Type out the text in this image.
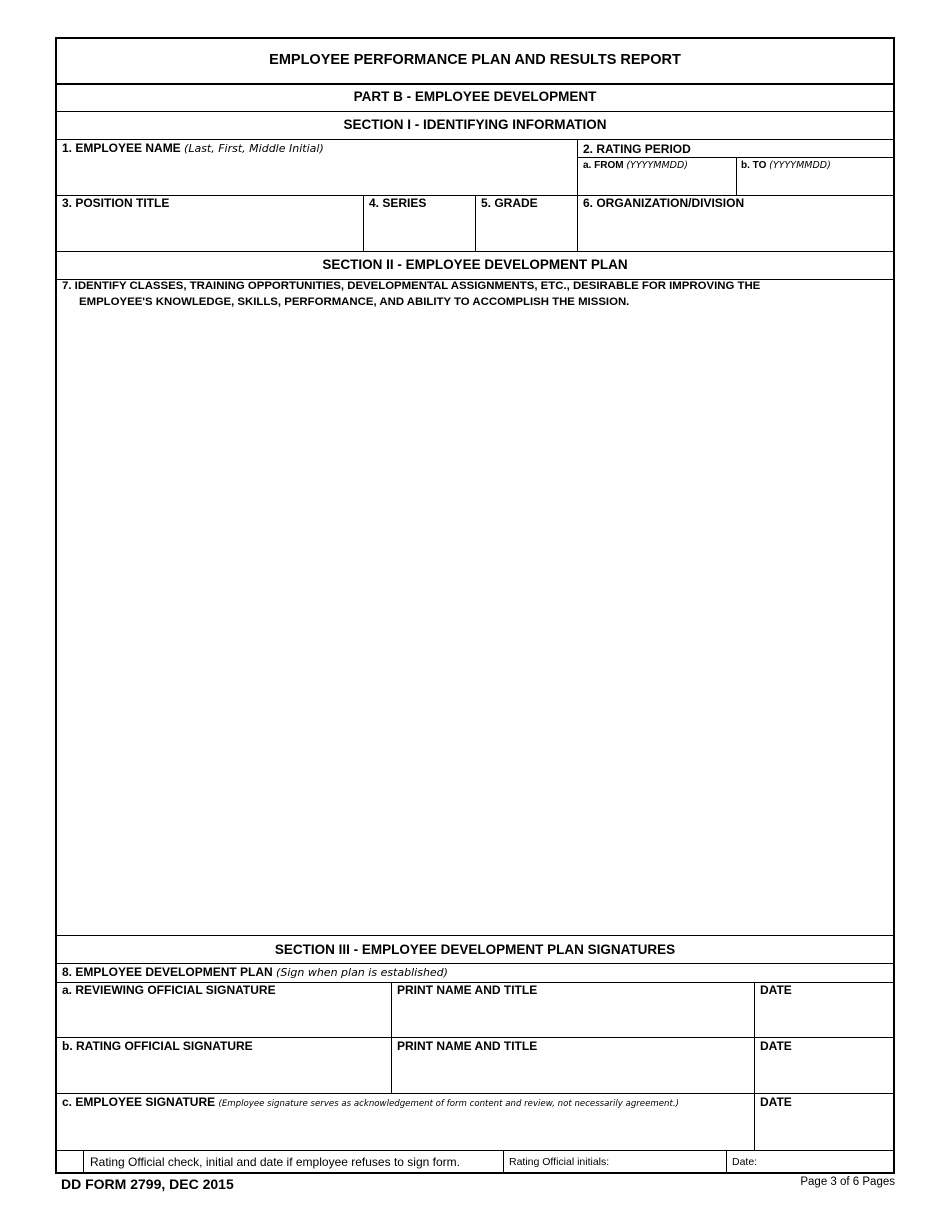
EMPLOYEE PERFORMANCE PLAN AND RESULTS REPORT
PART B - EMPLOYEE DEVELOPMENT
SECTION I - IDENTIFYING INFORMATION
1. EMPLOYEE NAME (Last, First, Middle Initial)	2. RATING PERIOD
a. FROM (YYYYMMDD)	b. TO (YYYYMMDD)
3. POSITION TITLE	4. SERIES	5. GRADE	6. ORGANIZATION/DIVISION
SECTION II - EMPLOYEE DEVELOPMENT PLAN
7. IDENTIFY CLASSES, TRAINING OPPORTUNITIES, DEVELOPMENTAL ASSIGNMENTS, ETC., DESIRABLE FOR IMPROVING THE
EMPLOYEE'S KNOWLEDGE, SKILLS, PERFORMANCE, AND ABILITY TO ACCOMPLISH THE MISSION.
SECTION III - EMPLOYEE DEVELOPMENT PLAN SIGNATURES
8. EMPLOYEE DEVELOPMENT PLAN (Sign when plan is established)
a. REVIEWING OFFICIAL SIGNATURE	PRINT NAME AND TITLE	DATE
b. RATING OFFICIAL SIGNATURE	PRINT NAME AND TITLE	DATE
c. EMPLOYEE SIGNATURE (Employee signature serves as acknowledgement of form content and review, not necessarily agreement.)	DATE
Rating Official check, initial and date if employee refuses to sign form.	Rating Official initials:	Date:
DD FORM 2799, DEC 2015	Page 3 of 6 Pages
